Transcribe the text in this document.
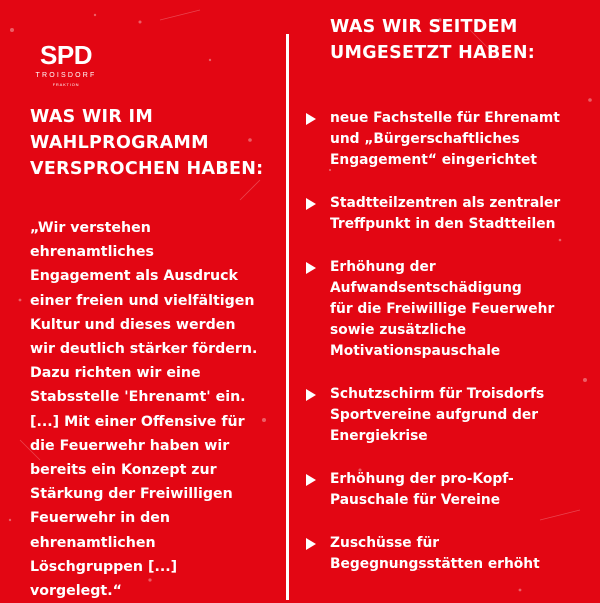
SPD
TROISDORF
FRAKTION
WAS WIR IM
WAHLPROGRAMM
VERSPROCHEN HABEN:
„Wir verstehen
ehrenamtliches
Engagement als Ausdruck
einer freien und vielfältigen
Kultur und dieses werden
wir deutlich stärker fördern.
Dazu richten wir eine
Stabsstelle 'Ehrenamt' ein.
[...] Mit einer Offensive für
die Feuerwehr haben wir
bereits ein Konzept zur
Stärkung der Freiwilligen
Feuerwehr in den
ehrenamtlichen
Löschgruppen [...]
vorgelegt.“
WAS WIR SEITDEM
UMGESETZT HABEN:
neue Fachstelle für Ehrenamt
und „Bürgerschaftliches
Engagement“ eingerichtet
Stadtteilzentren als zentraler
Treffpunkt in den Stadtteilen
Erhöhung der
Aufwandsentschädigung
für die Freiwillige Feuerwehr
sowie zusätzliche
Motivationspauschale
Schutzschirm für Troisdorfs
Sportvereine aufgrund der
Energiekrise
Erhöhung der pro-Kopf-
Pauschale für Vereine
Zuschüsse für
Begegnungsstätten erhöht
